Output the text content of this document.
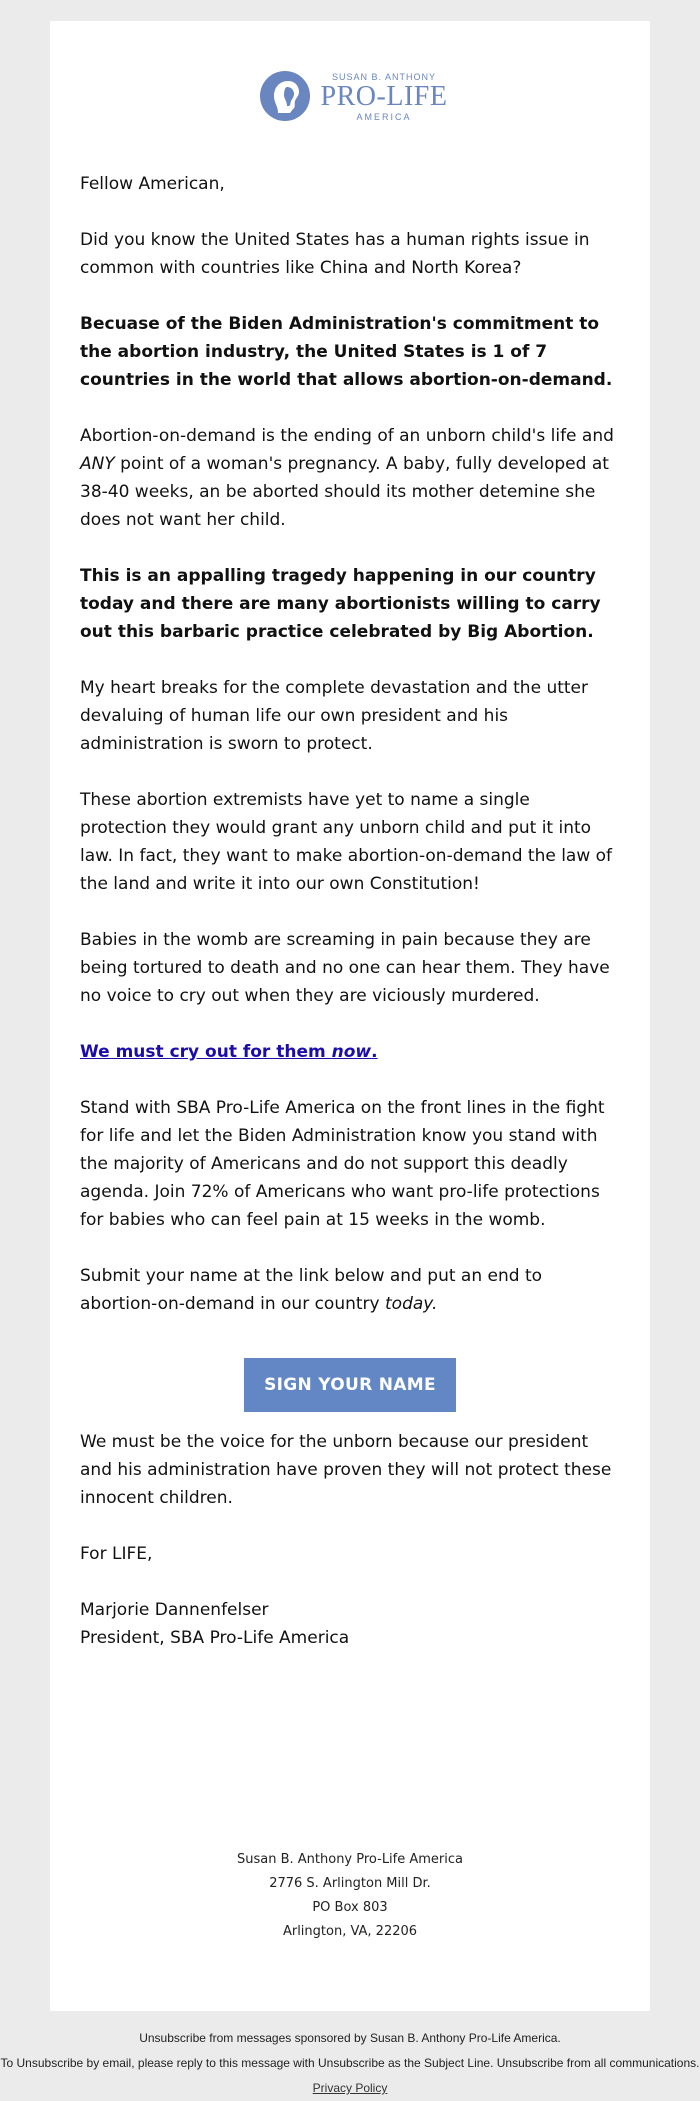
SUSAN B. ANTHONY
PRO-LIFE
AMERICA

Fellow American,

Did you know the United States has a human rights issue in common with countries like China and North Korea?

Becuase of the Biden Administration's commitment to the abortion industry, the United States is 1 of 7 countries in the world that allows abortion-on-demand.

Abortion-on-demand is the ending of an unborn child's life and ANY point of a woman's pregnancy. A baby, fully developed at 38-40 weeks, an be aborted should its mother detemine she does not want her child.

This is an appalling tragedy happening in our country today and there are many abortionists willing to carry out this barbaric practice celebrated by Big Abortion.

My heart breaks for the complete devastation and the utter devaluing of human life our own president and his administration is sworn to protect.

These abortion extremists have yet to name a single protection they would grant any unborn child and put it into law. In fact, they want to make abortion-on-demand the law of the land and write it into our own Constitution!

Babies in the womb are screaming in pain because they are being tortured to death and no one can hear them. They have no voice to cry out when they are viciously murdered.

We must cry out for them now.

Stand with SBA Pro-Life America on the front lines in the fight for life and let the Biden Administration know you stand with the majority of Americans and do not support this deadly agenda. Join 72% of Americans who want pro-life protections for babies who can feel pain at 15 weeks in the womb.

Submit your name at the link below and put an end to abortion-on-demand in our country today.

SIGN YOUR NAME

We must be the voice for the unborn because our president and his administration have proven they will not protect these innocent children.

For LIFE,

Marjorie Dannenfelser

President, SBA Pro-Life America

Susan B. Anthony Pro-Life America
2776 S. Arlington Mill Dr.
PO Box 803
Arlington, VA, 22206
Unsubscribe from messages sponsored by Susan B. Anthony Pro-Life America.
To Unsubscribe by email, please reply to this message with Unsubscribe as the Subject Line. Unsubscribe from all communications.
Privacy Policy
